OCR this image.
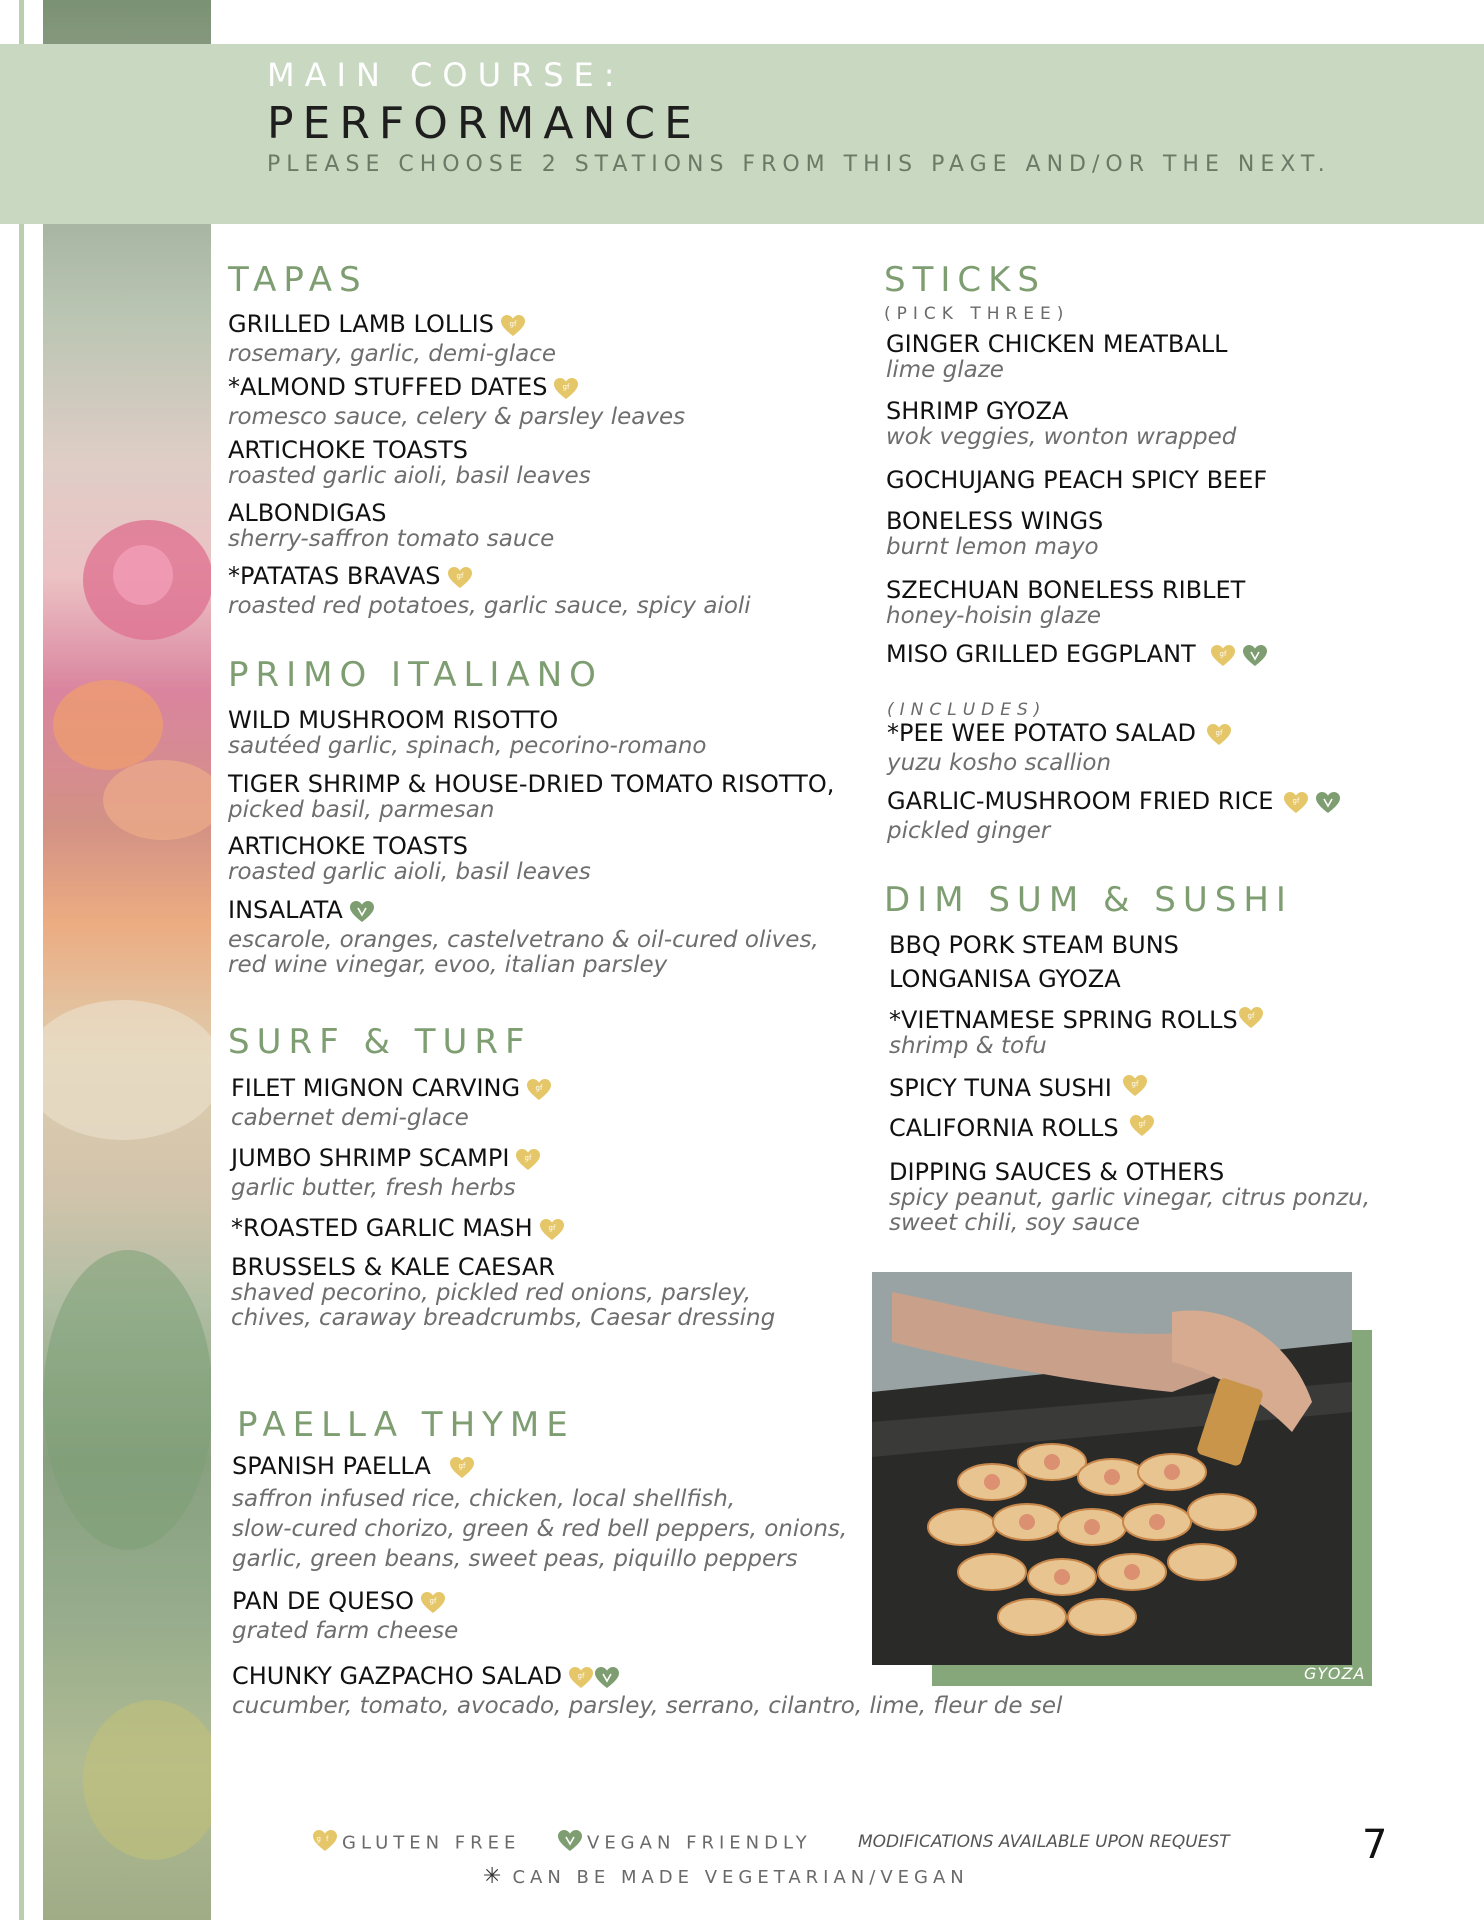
MAIN COURSE:
PERFORMANCE
PLEASE CHOOSE 2 STATIONS FROM THIS PAGE AND/OR THE NEXT.
TAPAS
GRILLED LAMB LOLLIS gf

rosemary, garlic, demi-glace
*ALMOND STUFFED DATES gf

romesco sauce, celery & parsley leaves
ARTICHOKE TOASTS
roasted garlic aioli, basil leaves
ALBONDIGAS
sherry-saffron tomato sauce
*PATATAS BRAVAS gf

roasted red potatoes, garlic sauce, spicy aioli
PRIMO ITALIANO
WILD MUSHROOM RISOTTO
sautéed garlic, spinach, pecorino-romano
TIGER SHRIMP & HOUSE-DRIED TOMATO RISOTTO,
picked basil, parmesan
ARTICHOKE TOASTS
roasted garlic aioli, basil leaves
INSALATA
escarole, oranges, castelvetrano & oil-cured olives,
red wine vinegar, evoo, italian parsley
SURF & TURF
FILET MIGNON CARVING gf

cabernet demi-glace
JUMBO SHRIMP SCAMPI gf

garlic butter, fresh herbs
*ROASTED GARLIC MASH gf
BRUSSELS & KALE CAESAR
shaved pecorino, pickled red onions, parsley,
chives, caraway breadcrumbs, Caesar dressing
PAELLA THYME
SPANISH PAELLA	gf

saffron infused rice, chicken, local shellfish,
slow-cured chorizo, green & red bell peppers, onions,
garlic, green beans, sweet peas, piquillo peppers
PAN DE QUESO gf

grated farm cheese
CHUNKY GAZPACHO SALAD gf

cucumber, tomato, avocado, parsley, serrano, cilantro, lime, fleur de sel
STICKS
(PICK THREE)
GINGER CHICKEN MEATBALL
lime glaze
SHRIMP GYOZA
wok veggies, wonton wrapped
GOCHUJANG PEACH SPICY BEEF
BONELESS WINGS
burnt lemon mayo
SZECHUAN BONELESS RIBLET
honey-hoisin glaze
MISO GRILLED EGGPLANT	gf
(INCLUDES)
*PEE WEE POTATO SALAD	gf

yuzu kosho scallion
GARLIC-MUSHROOM FRIED RICE	gf

pickled ginger
DIM SUM & SUSHI
BBQ PORK STEAM BUNS
LONGANISA GYOZA
*VIETNAMESE SPRING ROLLS gf

shrimp & tofu
SPICY TUNA SUSHI	gf
CALIFORNIA ROLLS	gf
DIPPING SAUCES & OTHERS
spicy peanut, garlic vinegar, citrus ponzu,
sweet chili, soy sauce
GYOZA
gf GLUTEN FREE	VEGAN FRIENDLY	MODIFICATIONS AVAILABLE UPON REQUEST
✳ CAN BE MADE VEGETARIAN/VEGAN
7
